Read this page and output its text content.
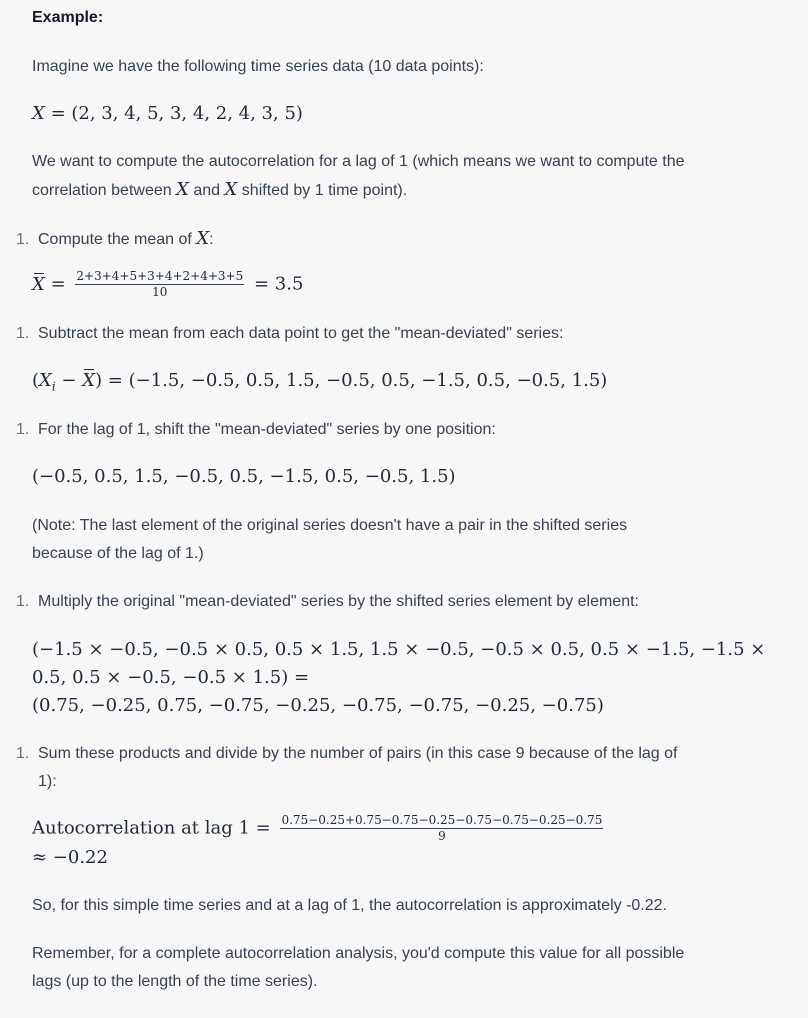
Example:
Imagine we have the following time series data (10 data points):
X = (2, 3, 4, 5, 3, 4, 2, 4, 3, 5)
We want to compute the autocorrelation for a lag of 1 (which means we want to compute the correlation between X and X shifted by 1 time point).
1. Compute the mean of X:
$X = \frac{2+3+4+5+3+4+2+4+3+5}{10} = 3.5$
1. Subtract the mean from each data point to get the "mean-deviated" series:
$(X_i - X) = (-1.5$, −0.5, 0.5, 1.5, −0.5, 0.5, −1.5, 0.5, −0.5, 1.5)
1. For the lag of 1, shift the "mean-deviated" series by one position:
(−0.5, 0.5, 1.5, −0.5, 0.5, −1.5, 0.5, −0.5, 1.5)
(Note: The last element of the original series doesn't have a pair in the shifted series because of the lag of 1.)
1. Multiply the original "mean-deviated" series by the shifted series element by element:
(−1.5 × −0.5, −0.5 × 0.5, 0.5 × 1.5, 1.5 × −0.5, −0.5 × 0.5, 0.5 × −1.5, −1.5 ×
0.5, 0.5 × −0.5, −0.5 × 1.5) =
(0.75, −0.25, 0.75, −0.75, −0.25, −0.75, −0.75, −0.25, −0.75)
1. Sum these products and divide by the number of pairs (in this case 9 because of the lag of 1):
Autocorrelation at lag $1 = \frac{0.75-0.25+0.75-0.75-0.25-0.75-0.75-0.25-0.75}{9}$
≈ −0.22
So, for this simple time series and at a lag of 1, the autocorrelation is approximately -0.22.
Remember, for a complete autocorrelation analysis, you'd compute this value for all possible lags (up to the length of the time series).
